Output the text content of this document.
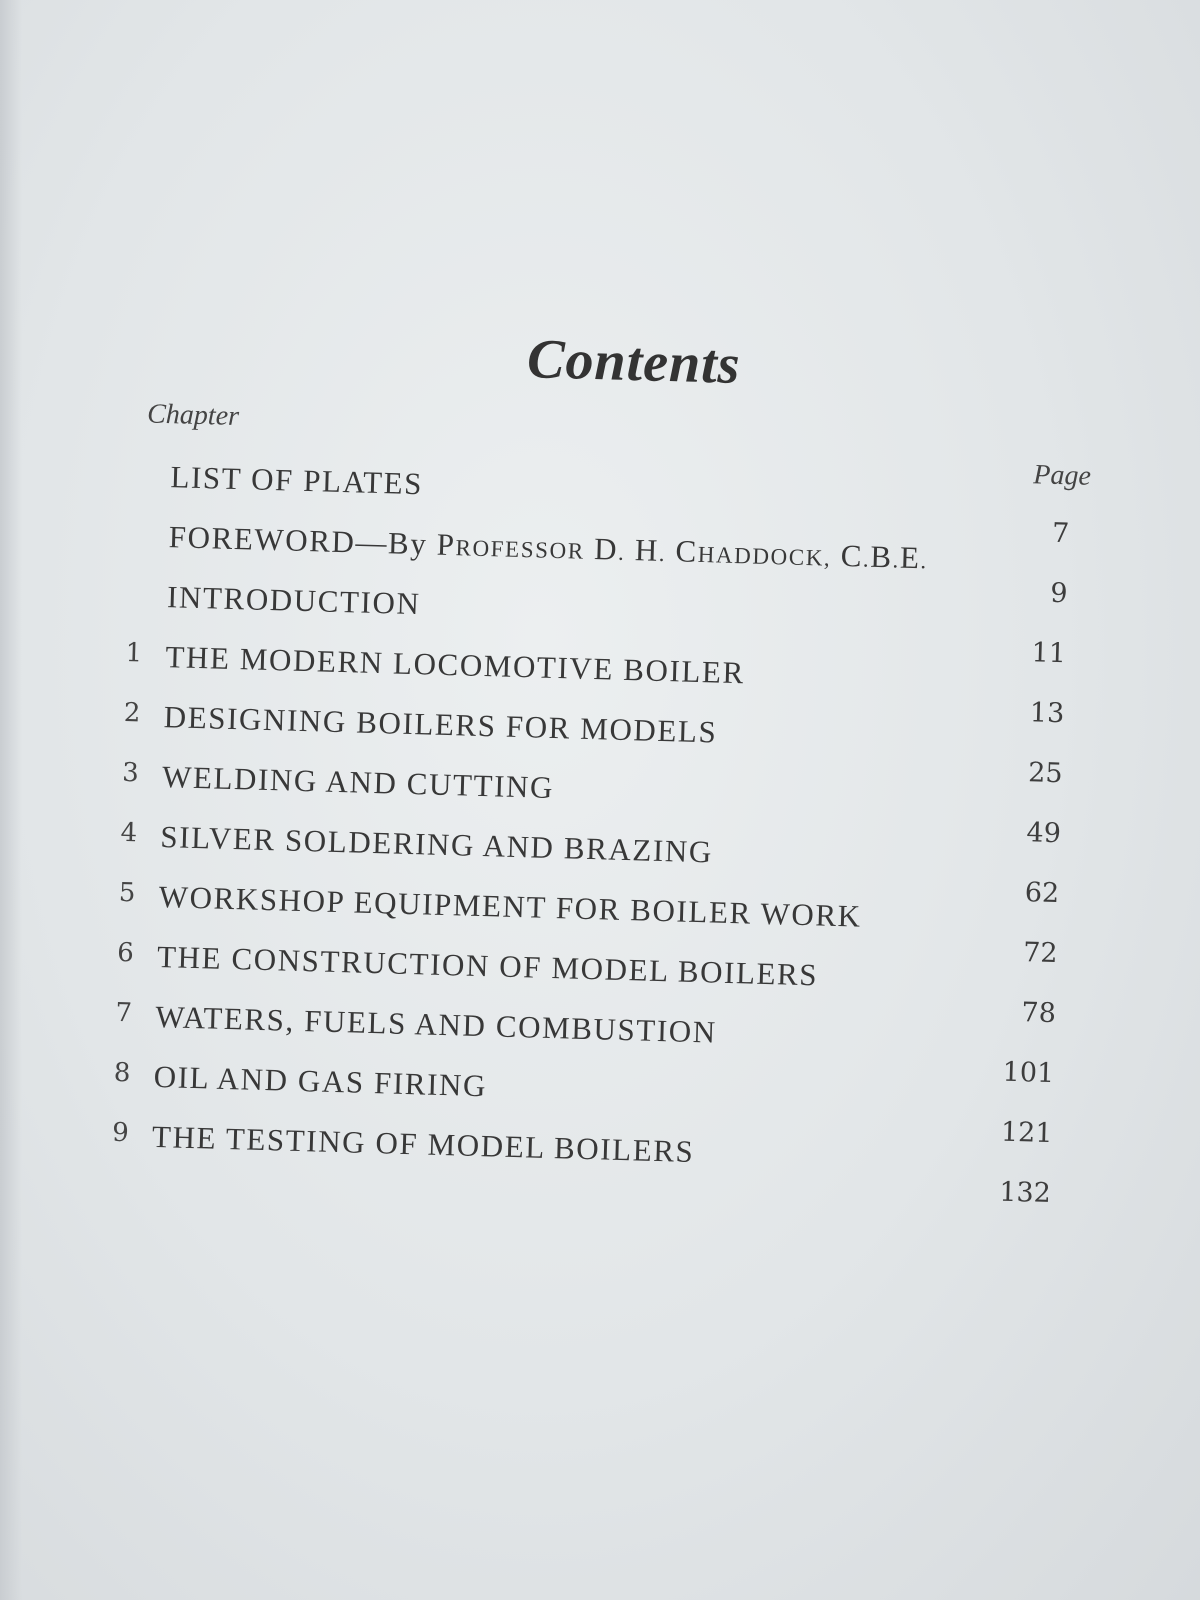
Contents
Chapter
Page
LIST OF PLATES
7
FOREWORD—By PROFESSOR D. H. CHADDOCK, C.B.E.
9
INTRODUCTION
11
1 THE MODERN LOCOMOTIVE BOILER
13
2 DESIGNING BOILERS FOR MODELS
25
3 WELDING AND CUTTING
49
4 SILVER SOLDERING AND BRAZING
62
5 WORKSHOP EQUIPMENT FOR BOILER WORK
72
6 THE CONSTRUCTION OF MODEL BOILERS
78
7 WATERS, FUELS AND COMBUSTION
101
8 OIL AND GAS FIRING
121
9 THE TESTING OF MODEL BOILERS
132
